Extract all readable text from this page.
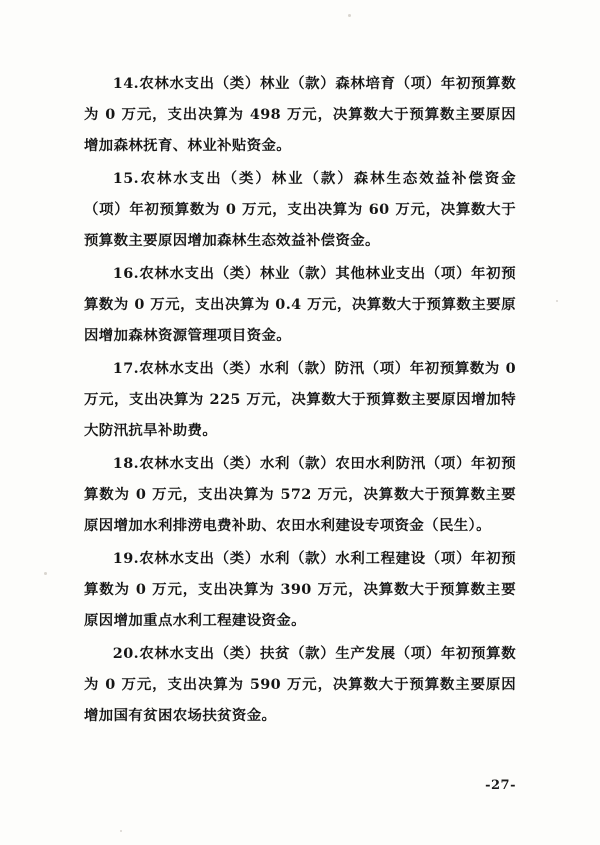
14.农林水支出（类）林业（款）森林培育（项）年初预算数为 0 万元，支出决算为 498 万元，决算数大于预算数主要原因增加森林抚育、林业补贴资金。

15.农林水支出（类）林业（款）森林生态效益补偿资金（项）年初预算数为 0 万元，支出决算为 60 万元，决算数大于预算数主要原因增加森林生态效益补偿资金。

16.农林水支出（类）林业（款）其他林业支出（项）年初预算数为 0 万元，支出决算为 0.4 万元，决算数大于预算数主要原因增加森林资源管理项目资金。

17.农林水支出（类）水利（款）防汛（项）年初预算数为 0 万元，支出决算为 225 万元，决算数大于预算数主要原因增加特大防汛抗旱补助费。

18.农林水支出（类）水利（款）农田水利防汛（项）年初预算数为 0 万元，支出决算为 572 万元，决算数大于预算数主要原因增加水利排涝电费补助、农田水利建设专项资金（民生）。

19.农林水支出（类）水利（款）水利工程建设（项）年初预算数为 0 万元，支出决算为 390 万元，决算数大于预算数主要原因增加重点水利工程建设资金。

20.农林水支出（类）扶贫（款）生产发展（项）年初预算数为 0 万元，支出决算为 590 万元，决算数大于预算数主要原因增加国有贫困农场扶贫资金。

-27-
